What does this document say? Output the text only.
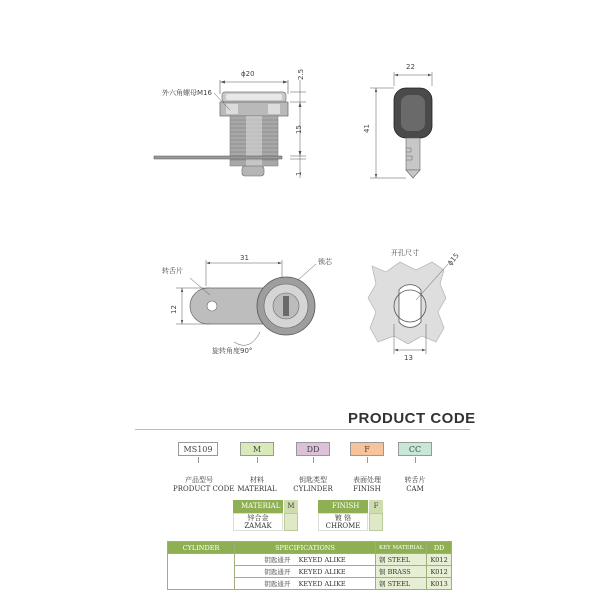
外六角螺母M16
ϕ20	2.5
15
1
22
41
转舌片
锁芯
31
12
旋转角度90°
开孔尺寸	ϕ15
13
PRODUCT CODE
MS109	M	DD	F	CC
产品型号
PRODUCT CODE
材料
MATERIAL
钥匙类型
CYLINDER
表面处理
FINISH
转舌片
CAM
MATERIAL	M
锌合金
ZAMAK
FINISH	F
镀 铬
CHROME
CYLINDER	SPECIFICATIONS	KEY MATERIAL	DD
	钥匙通开 KEYED ALIKE	钢 STEEL	K012
	钥匙通开 KEYED ALIKE	铜 BRASS	K012
	钥匙通开 KEYED ALIKE	钢 STEEL	K013
